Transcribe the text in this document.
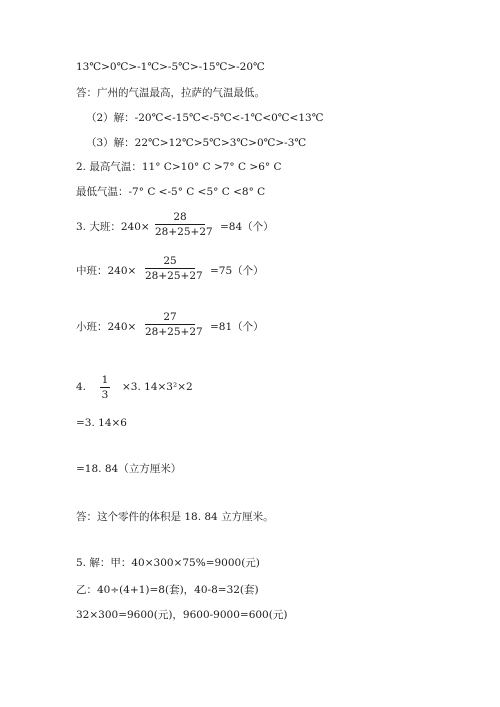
13℃>0℃>-1℃>-5℃>-15℃>-20℃
答：广州的气温最高，拉萨的气温最低。
（2）解：-20℃<-15℃<-5℃<-1℃<0℃<13℃
（3）解：22℃>12℃>5℃>3℃>0℃>-3℃
2. 最高气温：11° C>10° C >7° C >6° C
最低气温：-7° C <-5° C <5° C <8° C
3. 大班：240×
28
28+25+27 =84（个）
中班：240×
25
28+25+27 =75（个）
小班：240×
27
28+25+27 =81（个）
4.
1
3
×3. 14×3²×2
=3. 14×6
=18. 84（立方厘米）
答：这个零件的体积是 18. 84 立方厘米。
5. 解：甲：40×300×75%=9000(元)
乙：40÷(4+1)=8(套)，40-8=32(套)
32×300=9600(元)，9600-9000=600(元)
